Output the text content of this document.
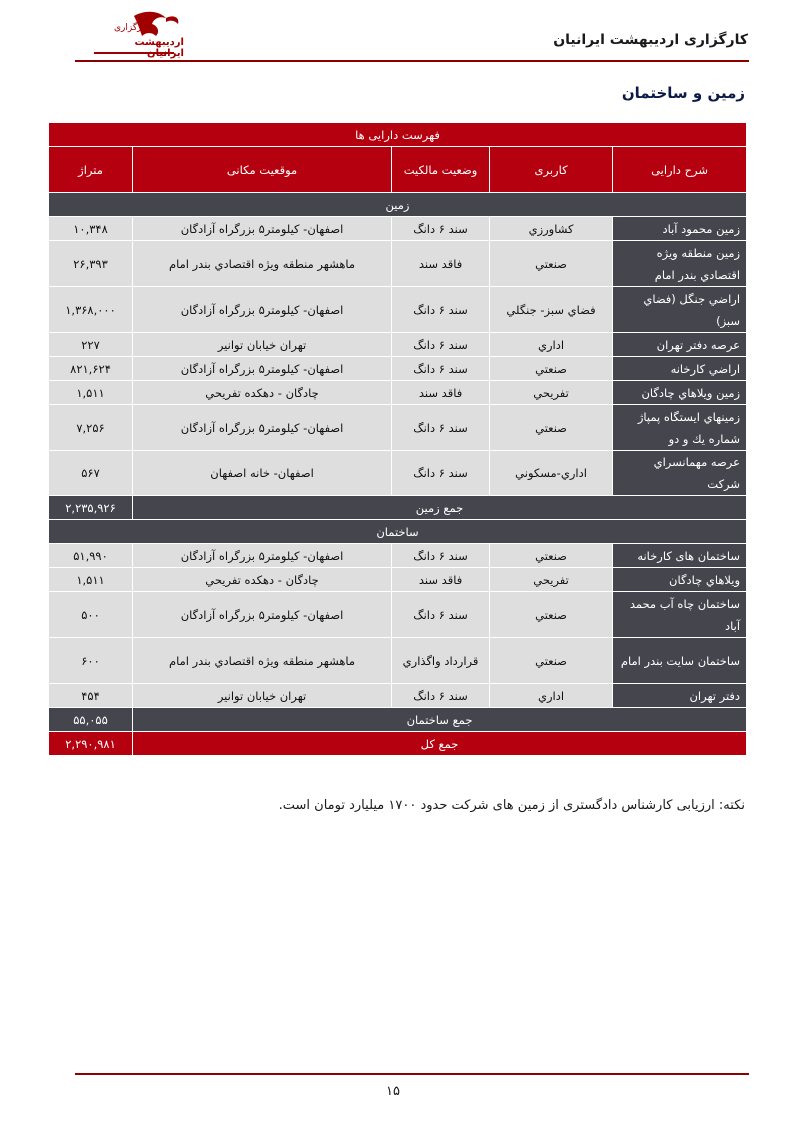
کارگزاری
اردیبهشت ایرانیان
کارگزاری اردیبهشت ایرانیان
زمین و ساختمان
فهرست دارایی ها				
شرح دارایی	کاربری	وضعیت مالکیت	موقعیت مکانی	متراژ
زمین				
زمین محمود آباد	کشاورزي	سند ۶ دانگ	اصفهان- کیلومتر۵ بزرگراه آزادگان	۱۰,۳۴۸
زمین منطقه ویژه اقتصادي بندر امام	صنعتي	فاقد سند	ماهشهر منطقه ویژه اقتصادي بندر امام	۲۶,۳۹۳
اراضي جنگل (فضاي سبز)	فضاي سبز- جنگلي	سند ۶ دانگ	اصفهان- کیلومتر۵ بزرگراه آزادگان	۱,۳۶۸,۰۰۰
عرصه دفتر تهران	اداري	سند ۶ دانگ	تهران خیابان توانیر	۲۲۷
اراضي کارخانه	صنعتي	سند ۶ دانگ	اصفهان- کیلومتر۵ بزرگراه آزادگان	۸۲۱,۶۲۴
زمین ویلاهاي چادگان	تفریحي	فاقد سند	چادگان - دهکده تفریحي	۱,۵۱۱
زمینهاي ایستگاه پمپاژ شماره یك و دو	صنعتي	سند ۶ دانگ	اصفهان- کیلومتر۵ بزرگراه آزادگان	۷,۲۵۶
عرصه مهمانسراي شرکت	اداري-مسکوني	سند ۶ دانگ	اصفهان- خانه اصفهان	۵۶۷
جمع زمین				۲,۲۳۵,۹۲۶
ساختمان				
ساختمان های کارخانه	صنعتي	سند ۶ دانگ	اصفهان- کیلومتر۵ بزرگراه آزادگان	۵۱,۹۹۰
ویلاهاي چادگان	تفریحي	فاقد سند	چادگان - دهکده تفریحي	۱,۵۱۱
ساختمان چاه آب محمد آباد	صنعتي	سند ۶ دانگ	اصفهان- کیلومتر۵ بزرگراه آزادگان	۵۰۰
ساختمان سایت بندر امام	صنعتي	قرارداد واگذاري	ماهشهر منطقه ویژه اقتصادي بندر امام	۶۰۰
دفتر تهران	اداري	سند ۶ دانگ	تهران خیابان توانیر	۴۵۴
جمع ساختمان				۵۵,۰۵۵
جمع کل				۲,۲۹۰,۹۸۱
نکته: ارزیابی کارشناس دادگستری از زمین های شرکت حدود ۱۷۰۰ میلیارد تومان است.
۱۵
